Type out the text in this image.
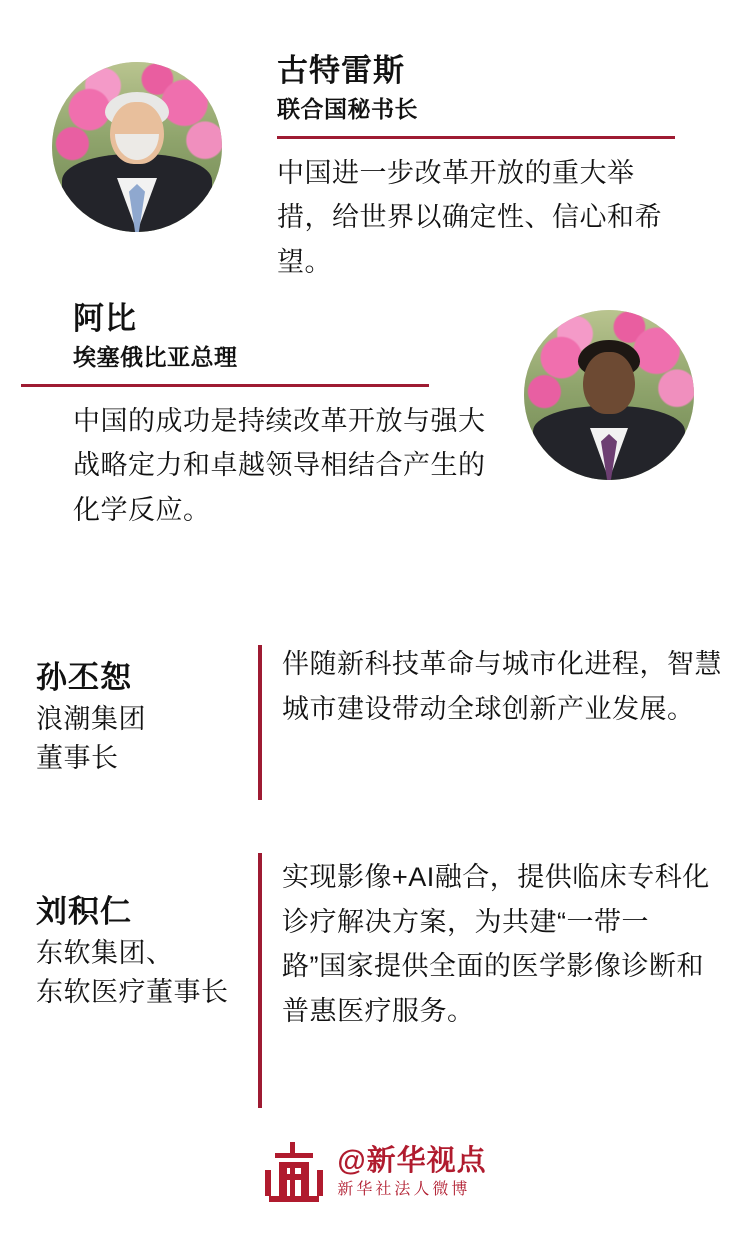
古特雷斯
联合国秘书长
中国进一步改革开放的重大举措，给世界以确定性、信心和希望。
阿比
埃塞俄比亚总理
中国的成功是持续改革开放与强大战略定力和卓越领导相结合产生的化学反应。
孙丕恕
浪潮集团
董事长
伴随新科技革命与城市化进程，智慧城市建设带动全球创新产业发展。
刘积仁
东软集团、
东软医疗董事长
实现影像+AI融合，提供临床专科化诊疗解决方案，为共建“一带一路”国家提供全面的医学影像诊断和普惠医疗服务。
@新华视点
新华社法人微博
